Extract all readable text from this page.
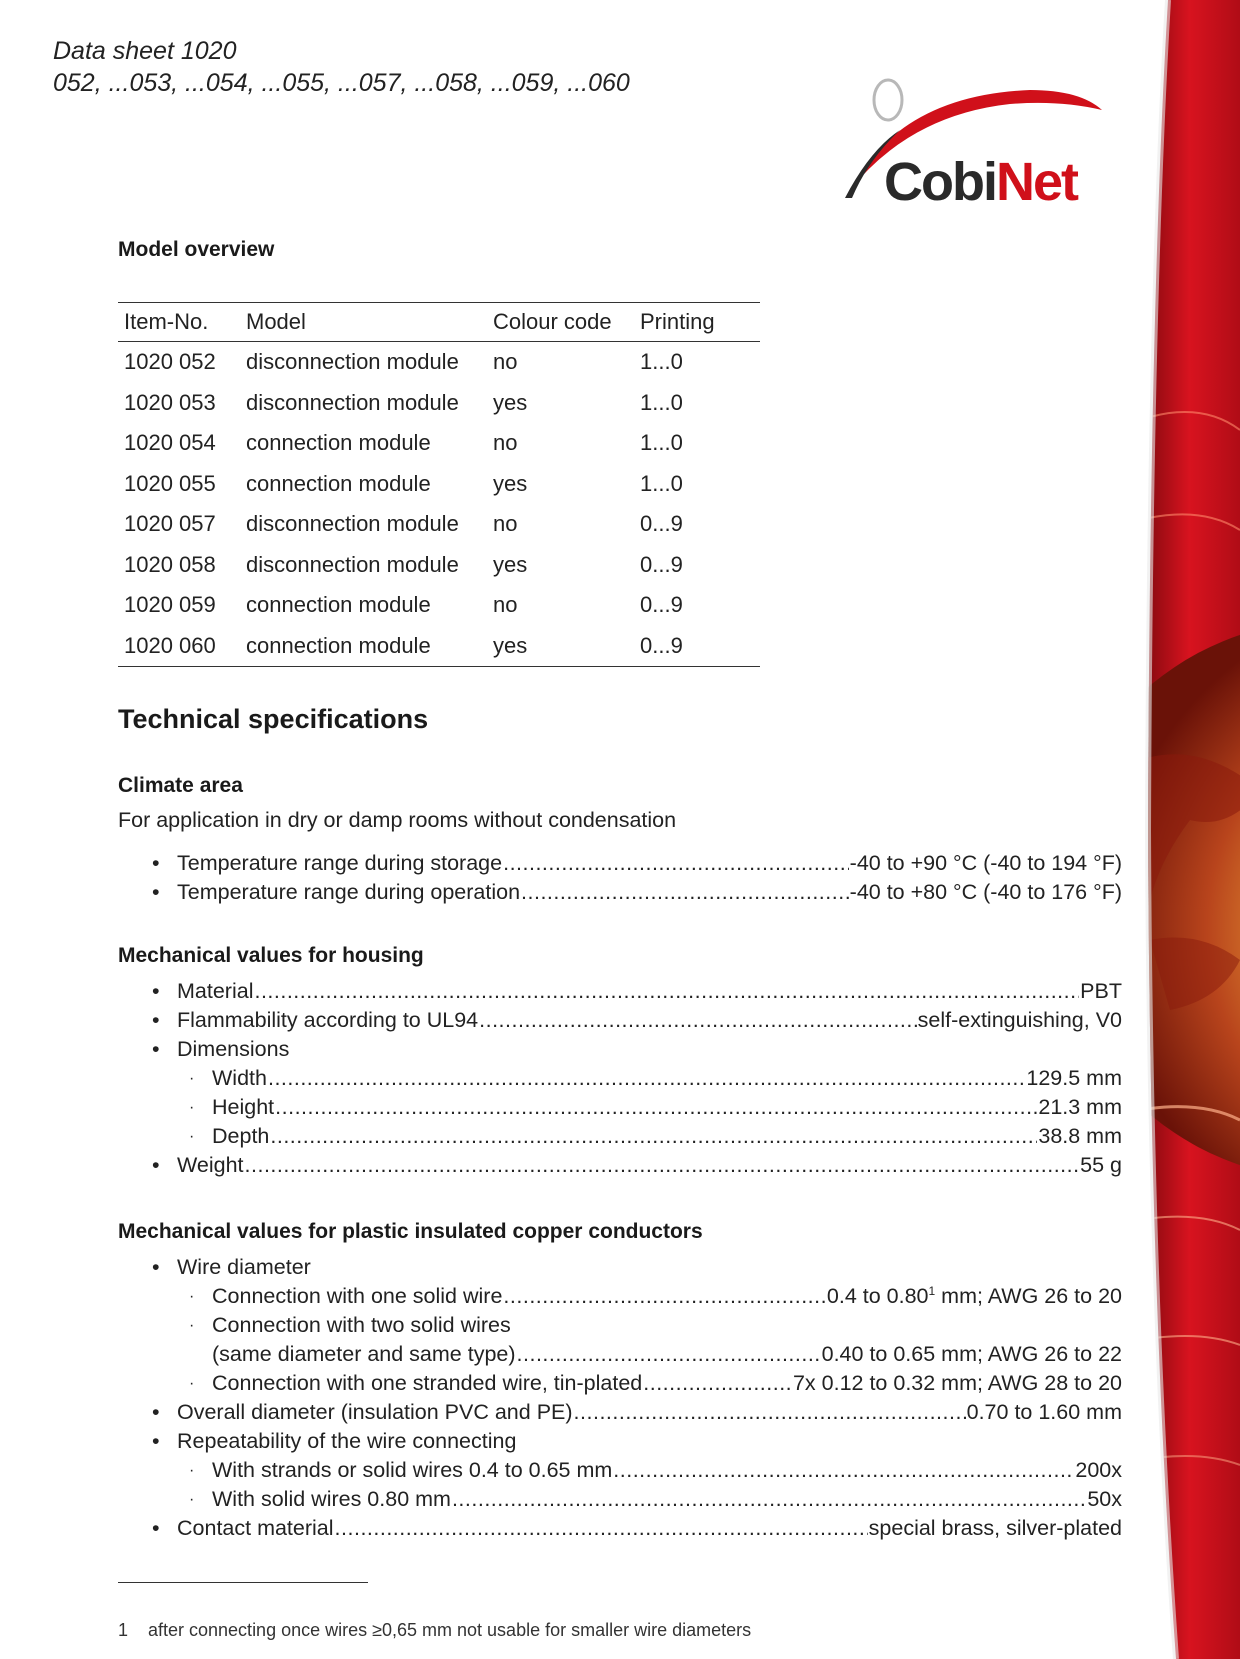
Data sheet 1020
052, ...053, ...054, ...055, ...057, ...058, ...059, ...060
CobiNet
Model overview
Item-No.	Model	Colour code	Printing
1020 052	disconnection module	no	1...0
1020 053	disconnection module	yes	1...0
1020 054	connection module	no	1...0
1020 055	connection module	yes	1...0
1020 057	disconnection module	no	0...9
1020 058	disconnection module	yes	0...9
1020 059	connection module	no	0...9
1020 060	connection module	yes	0...9
Technical specifications
Climate area
For application in dry or damp rooms without condensation
• Temperature range during storage .....	-40 to +90 °C (-40 to 194 °F)
• Temperature range during operation .....	-40 to +80 °C (-40 to 176 °F)
Mechanical values for housing
• Material .....	PBT
• Flammability according to UL94 .....	self-extinguishing, V0
• Dimensions
· Width .....	129.5 mm
· Height .....	21.3 mm
· Depth .....	38.8 mm
• Weight .....	55 g
Mechanical values for plastic insulated copper conductors
• Wire diameter
· Connection with one solid wire .....	0.4 to 0.80$^1$ mm; AWG 26 to 20
· Connection with two solid wires
(same diameter and same type) .....	0.40 to 0.65 mm; AWG 26 to 22
· Connection with one stranded wire, tin-plated .....	7x 0.12 to 0.32 mm; AWG 28 to 20
• Overall diameter (insulation PVC and PE) .....	0.70 to 1.60 mm
• Repeatability of the wire connecting
· With strands or solid wires 0.4 to 0.65 mm .....	200x
· With solid wires 0.80 mm .....	50x
• Contact material .....	special brass, silver-plated
1 after connecting once wires ≥0,65 mm not usable for smaller wire diameters
